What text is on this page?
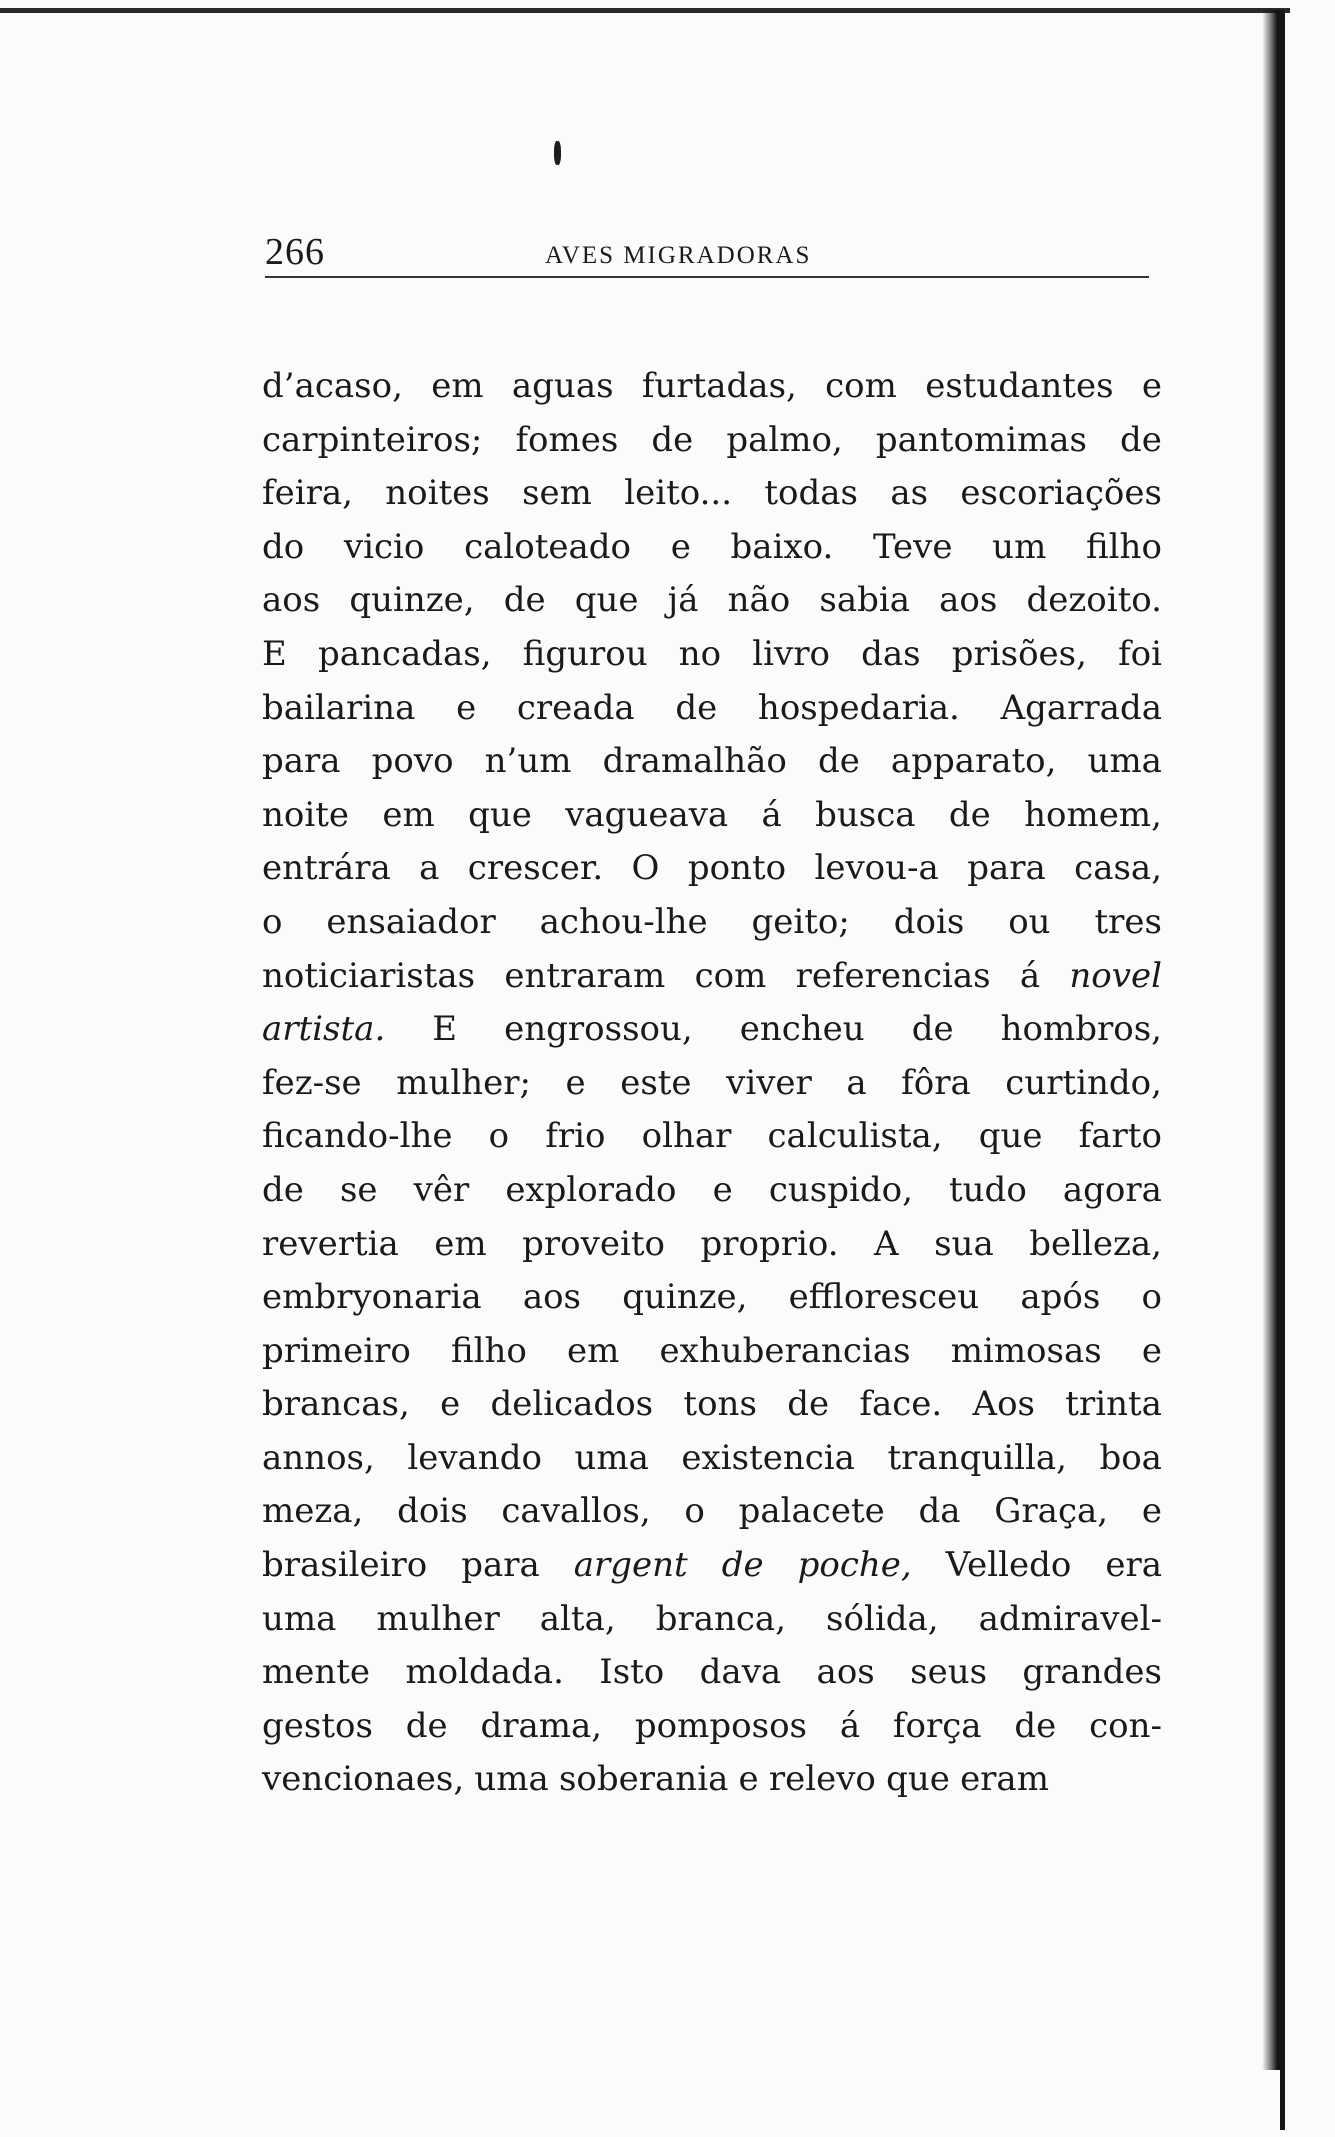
266	AVES MIGRADORAS
d’acaso, em aguas furtadas, com estudantes e
carpinteiros; fomes de palmo, pantomimas de
feira, noites sem leito... todas as escoriações
do vicio caloteado e baixo. Teve um filho
aos quinze, de que já não sabia aos dezoito.
E pancadas, figurou no livro das prisões, foi
bailarina e creada de hospedaria. Agarrada
para povo n’um dramalhão de apparato, uma
noite em que vagueava á busca de homem,
entrára a crescer. O ponto levou-a para casa,
o ensaiador achou-lhe geito; dois ou tres
noticiaristas entraram com referencias á novel
artista. E engrossou, encheu de hombros,
fez-se mulher; e este viver a fôra curtindo,
ficando-lhe o frio olhar calculista, que farto
de se vêr explorado e cuspido, tudo agora
revertia em proveito proprio. A sua belleza,
embryonaria aos quinze, effloresceu após o
primeiro filho em exhuberancias mimosas e
brancas, e delicados tons de face. Aos trinta
annos, levando uma existencia tranquilla, boa
meza, dois cavallos, o palacete da Graça, e
brasileiro para argent de poche, Velledo era
uma mulher alta, branca, sólida, admiravel-
mente moldada. Isto dava aos seus grandes
gestos de drama, pomposos á força de con-
vencionaes, uma soberania e relevo que eram
